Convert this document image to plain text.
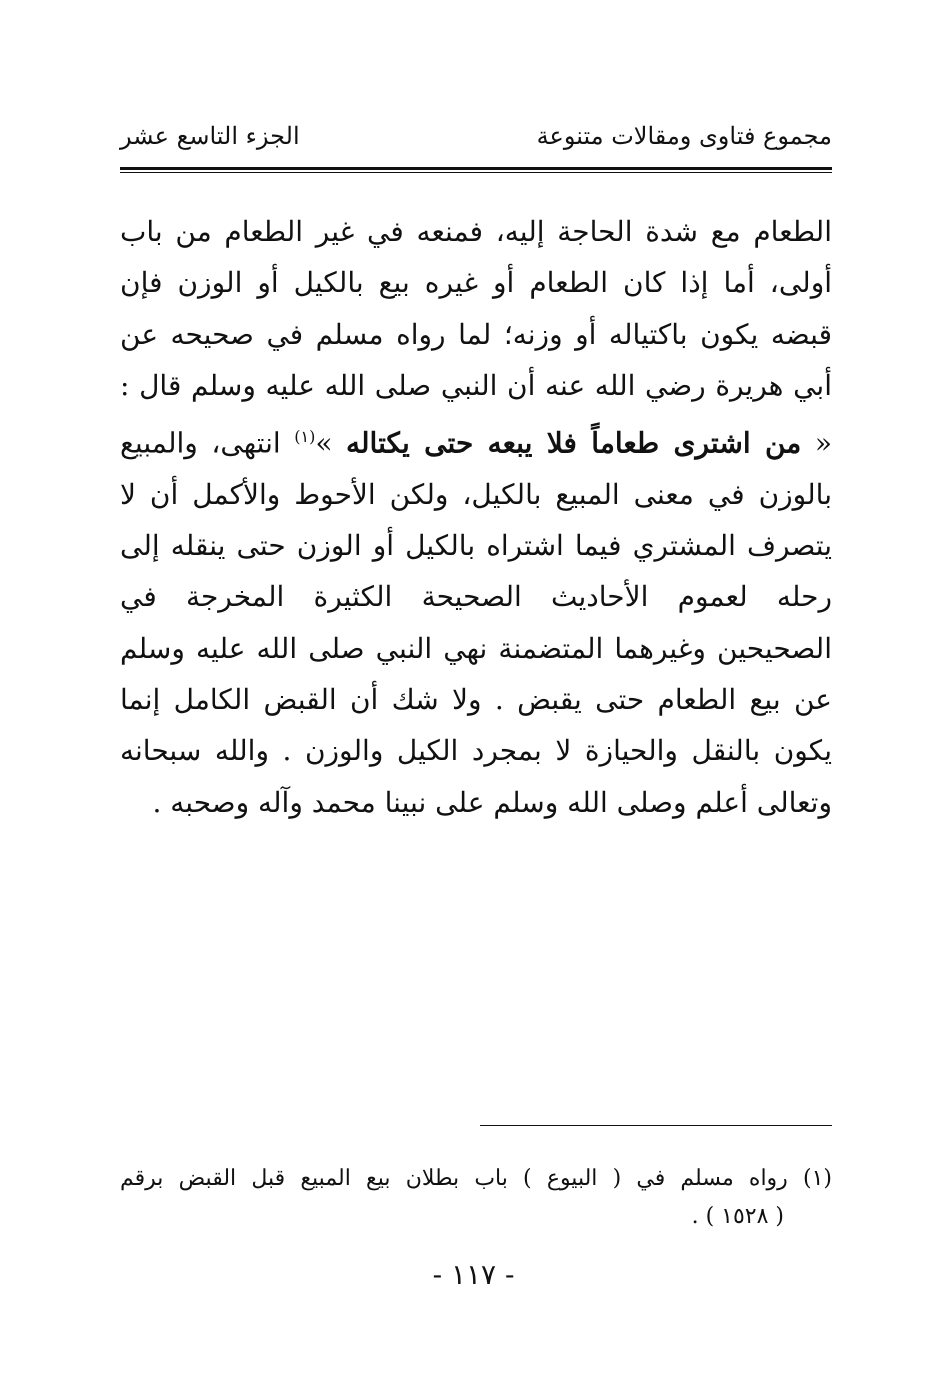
مجموع فتاوى ومقالات متنوعة
الجزء التاسع عشر
الطعام مع شدة الحاجة إليه، فمنعه في غير الطعام من باب
أولى، أما إذا كان الطعام أو غيره بيع بالكيل أو الوزن فإن
قبضه يكون باكتياله أو وزنه؛ لما رواه مسلم في صحيحه عن
أبي هريرة رضي الله عنه أن النبي صلى الله عليه وسلم قال :
« من اشترى طعاماً فلا يبعه حتى يكتاله »$^{(١)}$ انتهى، والمبيع
بالوزن في معنى المبيع بالكيل، ولكن الأحوط والأكمل أن لا
يتصرف المشتري فيما اشتراه بالكيل أو الوزن حتى ينقله إلى
رحله لعموم الأحاديث الصحيحة الكثيرة المخرجة في
الصحيحين وغيرهما المتضمنة نهي النبي صلى الله عليه وسلم
عن بيع الطعام حتى يقبض . ولا شك أن القبض الكامل إنما
يكون بالنقل والحيازة لا بمجرد الكيل والوزن . والله سبحانه
وتعالى أعلم وصلى الله وسلم على نبينا محمد وآله وصحبه .
(١) رواه مسلم في ( البيوع ) باب بطلان بيع المبيع قبل القبض برقم
( ١٥٢٨ ) .
- ١١٧ -
